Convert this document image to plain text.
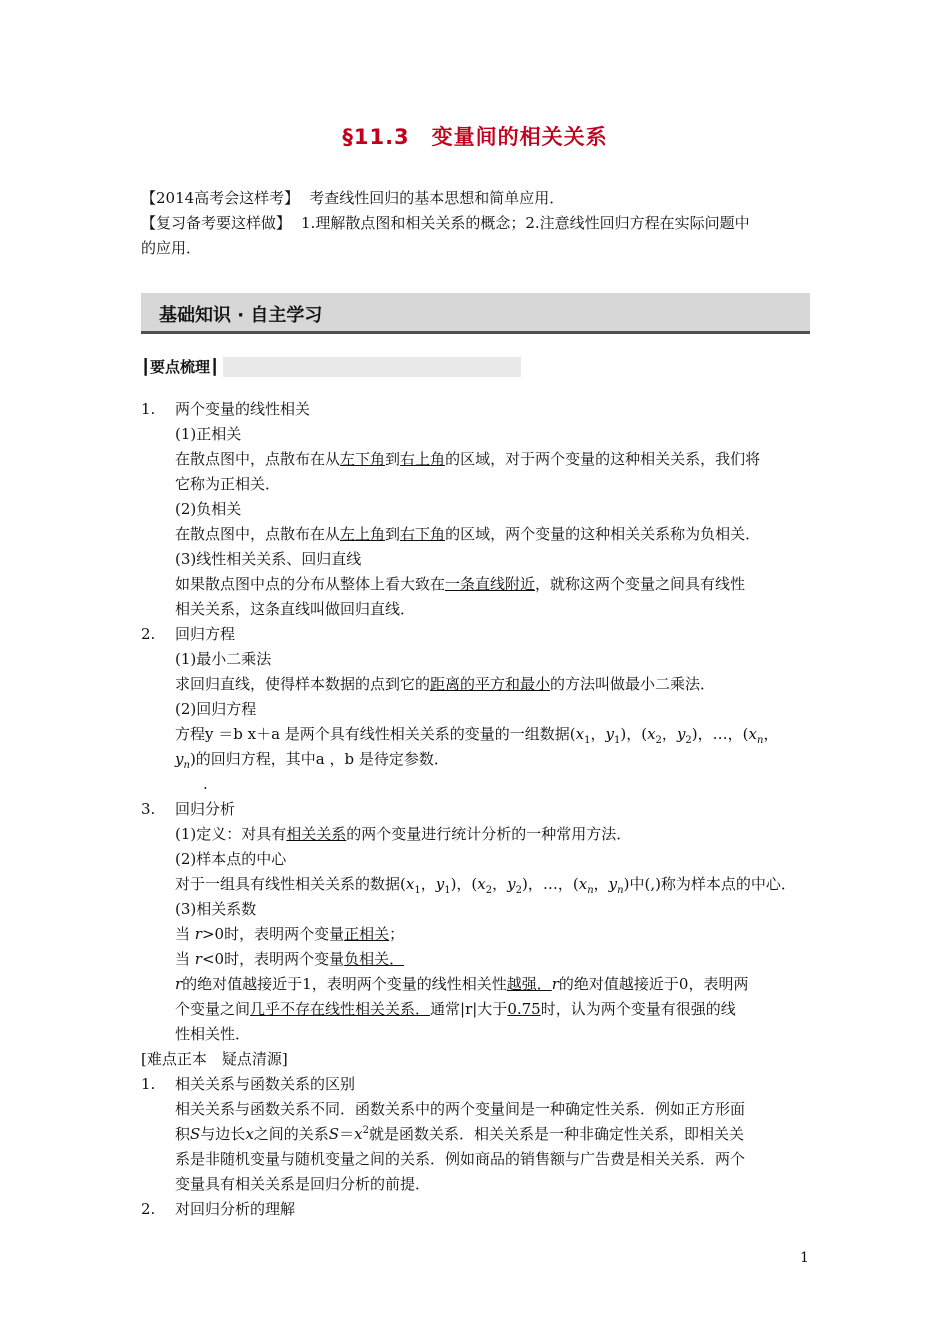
§11.3　变量间的相关关系
【2014高考会这样考】 考查线性回归的基本思想和简单应用．
【复习备考要这样做】 1.理解散点图和相关关系的概念；2.注意线性回归方程在实际问题中
的应用．
基础知识 · 自主学习
┃要点梳理┃

1. 两个变量的线性相关

(1)正相关

在散点图中，点散布在从左下角到右上角的区域，对于两个变量的这种相关关系，我们将

它称为正相关．

(2)负相关

在散点图中，点散布在从左上角到右下角的区域，两个变量的这种相关关系称为负相关．

(3)线性相关关系、回归直线

如果散点图中点的分布从整体上看大致在一条直线附近，就称这两个变量之间具有线性

相关关系，这条直线叫做回归直线．

2. 回归方程

(1)最小二乘法

求回归直线，使得样本数据的点到它的距离的平方和最小的方法叫做最小二乘法．

(2)回归方程

方程y ＝b x＋a 是两个具有线性相关关系的变量的一组数据($x_1$，$y_1$)，($x_2$，$y_2$)，…，($x_n$，

$y_n$)的回归方程，其中a ，b 是待定参数．

.

3. 回归分析

(1)定义：对具有相关关系的两个变量进行统计分析的一种常用方法．

(2)样本点的中心

对于一组具有线性相关关系的数据($x_1$，$y_1$)，($x_2$，$y_2$)，…，($x_n$，$y_n$)中(,)称为样本点的中心．

(3)相关系数

当 r>0时，表明两个变量正相关；

当 r<0时，表明两个变量负相关．

r的绝对值越接近于1，表明两个变量的线性相关性越强．r的绝对值越接近于0，表明两

个变量之间几乎不存在线性相关关系．通常|r|大于0.75时，认为两个变量有很强的线

性相关性．

[难点正本　疑点清源]

1. 相关关系与函数关系的区别

相关关系与函数关系不同．函数关系中的两个变量间是一种确定性关系．例如正方形面

积S与边长x之间的关系$S=x^2$就是函数关系．相关关系是一种非确定性关系，即相关关

系是非随机变量与随机变量之间的关系．例如商品的销售额与广告费是相关关系．两个

变量具有相关关系是回归分析的前提．

2. 对回归分析的理解

1
